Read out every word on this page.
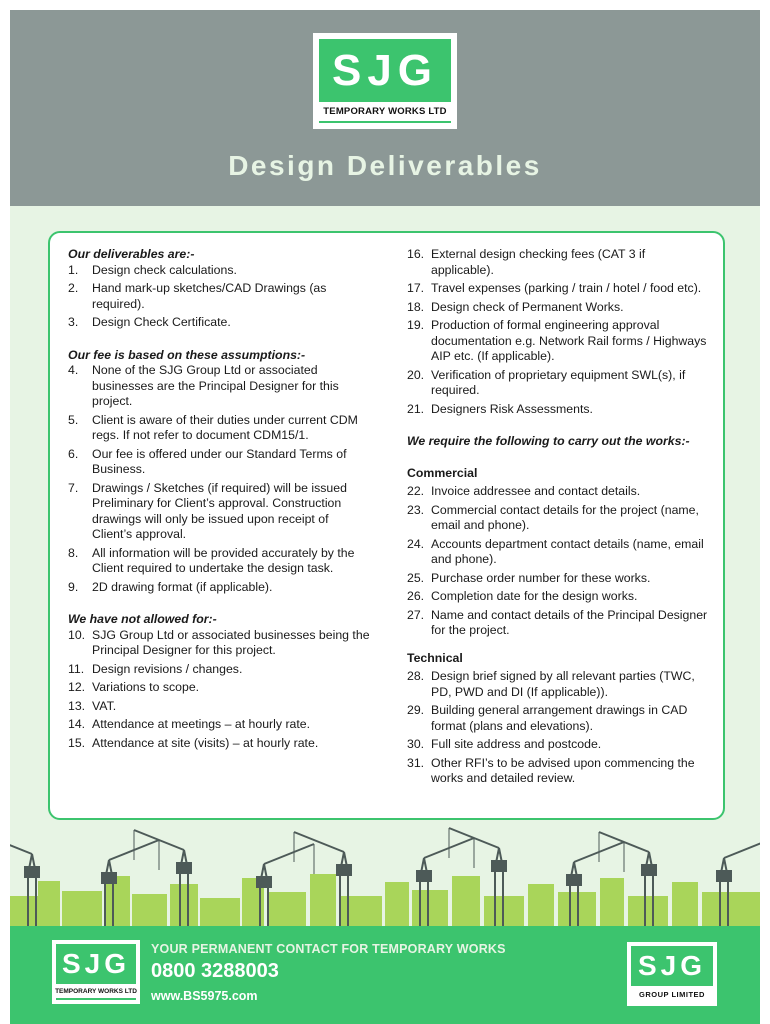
SJG
TEMPORARY WORKS LTD
Design Deliverables

Our deliverables are:-

1. Design check calculations.
2. Hand mark-up sketches/CAD Drawings (as required).
3. Design Check Certificate.

Our fee is based on these assumptions:-

4. None of the SJG Group Ltd or associated businesses are the Principal Designer for this project.
5. Client is aware of their duties under current CDM regs. If not refer to document CDM15/1.
6. Our fee is offered under our Standard Terms of Business.
7. Drawings / Sketches (if required) will be issued Preliminary for Client’s approval. Construction drawings will only be issued upon receipt of Client’s approval.
8. All information will be provided accurately by the Client required to undertake the design task.
9. 2D drawing format (if applicable).

We have not allowed for:-

10. SJG Group Ltd or associated businesses being the Principal Designer for this project.
11. Design revisions / changes.
12. Variations to scope.
13. VAT.
14. Attendance at meetings – at hourly rate.
15. Attendance at site (visits) – at hourly rate.
16. External design checking fees (CAT 3 if applicable).
17. Travel expenses (parking / train / hotel / food etc).
18. Design check of Permanent Works.
19. Production of formal engineering approval documentation e.g. Network Rail forms / Highways AIP etc. (If applicable).
20. Verification of proprietary equipment SWL(s), if required.
21. Designers Risk Assessments.

We require the following to carry out the works:-

Commercial

22. Invoice addressee and contact details.
23. Commercial contact details for the project (name, email and phone).
24. Accounts department contact details (name, email and phone).
25. Purchase order number for these works.
26. Completion date for the design works.
27. Name and contact details of the Principal Designer for the project.

Technical

28. Design brief signed by all relevant parties (TWC, PD, PWD and DI (If applicable)).
29. Building general arrangement drawings in CAD format (plans and elevations).
30. Full site address and postcode.
31. Other RFI’s to be advised upon commencing the works and detailed review.
SJG
TEMPORARY WORKS LTD
YOUR PERMANENT CONTACT FOR TEMPORARY WORKS
0800 3288003
www.BS5975.com
SJG
GROUP LIMITED
